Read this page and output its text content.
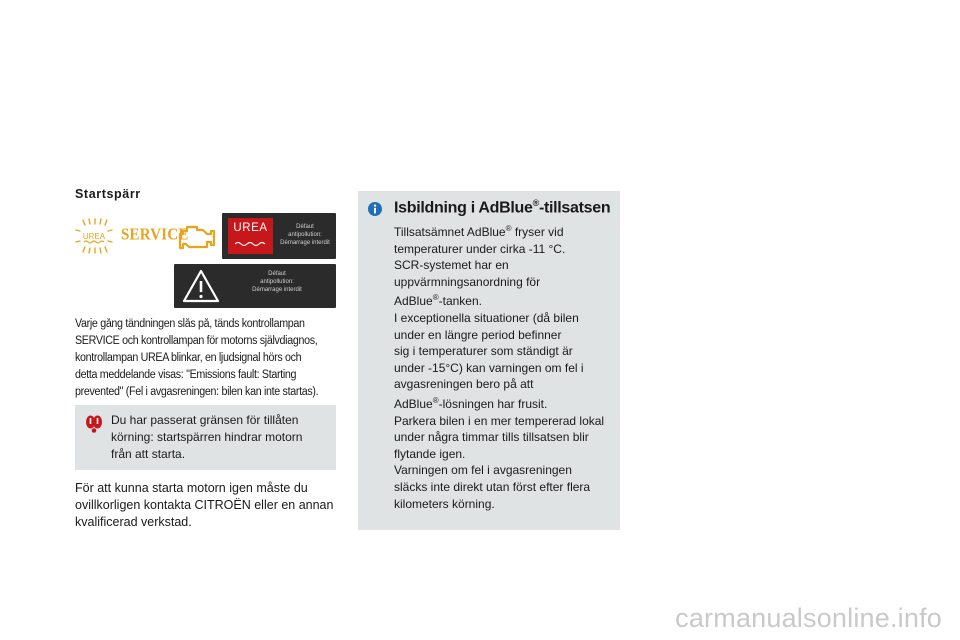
Startspärr
UREA SERVICE	UREA	Défaut
antipollution:
Démarrage interdit
Défaut
antipollution:
Démarrage interdit

Varje gång tändningen slås på, tänds kontrollampan
SERVICE och kontrollampan för motorns självdiagnos,
kontrollampan UREA blinkar, en ljudsignal hörs och
detta meddelande visas: "Emissions fault: Starting
prevented" (Fel i avgasreningen: bilen kan inte startas).

Du har passerat gränsen för tillåten
körning: startspärren hindrar motorn
från att starta.

För att kunna starta motorn igen måste du
ovillkorligen kontakta CITROËN eller en annan
kvalificerad verkstad.

Isbildning i AdBlue®-tillsatsen
Tillsatsämnet AdBlue® fryser vid
temperaturer under cirka -11 °C.
SCR-systemet har en
uppvärmningsanordning för
AdBlue®-tanken.
I exceptionella situationer (då bilen
under en längre period befinner
sig i temperaturer som ständigt är
under -15°C) kan varningen om fel i
avgasreningen bero på att
AdBlue®-lösningen har frusit.
Parkera bilen i en mer tempererad lokal
under några timmar tills tillsatsen blir
flytande igen.
Varningen om fel i avgasreningen
släcks inte direkt utan först efter flera
kilometers körning.
carmanualsonline.info
